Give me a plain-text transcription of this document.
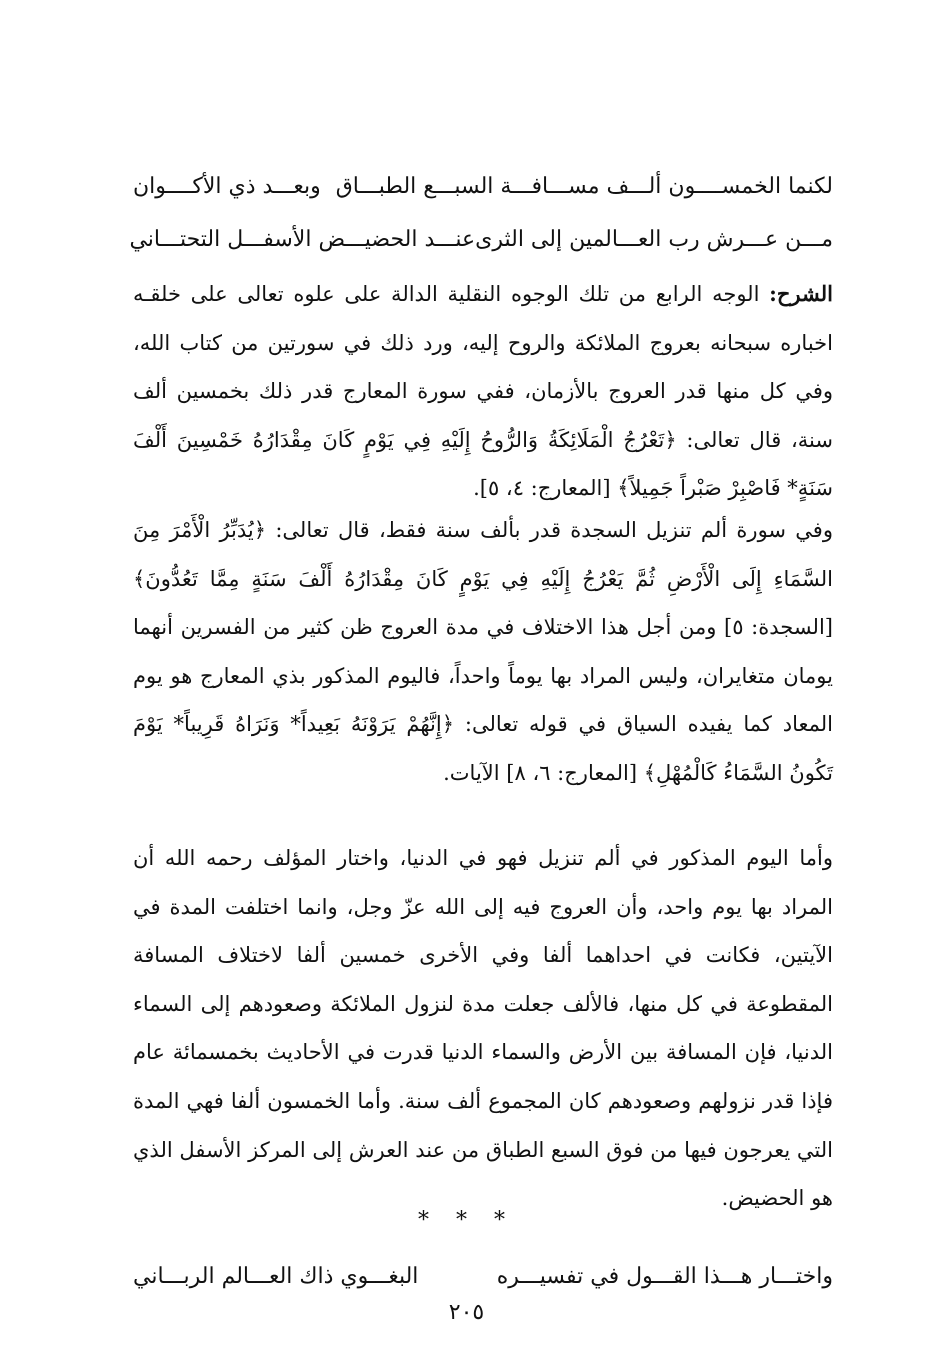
لكنما الخمســــون ألـــف مســـافـــة السبـــع الطبـــاق
وبعـــد ذي الأكــــوان
مـــن عـــرش رب العـــالمين إلى الثرى
عنـــد الحضيـــض الأسفـــل التحتـــاني
الشرح: الوجه الرابع من تلك الوجوه النقلية الدالة على علوه تعالى على خلقـه اخباره سبحانه بعروج الملائكة والروح إليه، ورد ذلك في سورتين من كتاب الله، وفي كل منها قدر العروج بالأزمان، ففي سورة المعارج قدر ذلك بخمسين ألف سنة، قال تعالى: ﴿تَعْرُجُ الْمَلَائِكَةُ وَالرُّوحُ إِلَيْهِ فِي يَوْمٍ كَانَ مِقْدَارُهُ خَمْسِينَ أَلْفَ سَنَةٍ* فَاصْبِرْ صَبْراً جَمِيلاً﴾ [المعارج: ٤، ٥].
وفي سورة ألم تنزيل السجدة قدر بألف سنة فقط، قال تعالى: ﴿يُدَبِّرُ الْأَمْرَ مِنَ السَّمَاءِ إِلَى الْأَرْضِ ثُمَّ يَعْرُجُ إِلَيْهِ فِي يَوْمٍ كَانَ مِقْدَارُهُ أَلْفَ سَنَةٍ مِمَّا تَعُدُّونَ﴾ [السجدة: ٥] ومن أجل هذا الاختلاف في مدة العروج ظن كثير من الفسرين أنهما يومان متغايران، وليس المراد بها يوماً واحداً، فاليوم المذكور بذي المعارج هو يوم المعاد كما يفيده السياق في قوله تعالى: ﴿إِنَّهُمْ يَرَوْنَهُ بَعِيداً* وَنَرَاهُ قَرِيباً* يَوْمَ تَكُونُ السَّمَاءُ كَالْمُهْلِ﴾ [المعارج: ٦، ٨] الآيات.
وأما اليوم المذكور في ألم تنزيل فهو في الدنيا، واختار المؤلف رحمه الله أن المراد بها يوم واحد، وأن العروج فيه إلى الله عزّ وجل، وانما اختلفت المدة في الآيتين، فكانت في احداهما ألفا وفي الأخرى خمسين ألفا لاختلاف المسافة المقطوعة في كل منها، فالألف جعلت مدة لنزول الملائكة وصعودهم إلى السماء الدنيا، فإن المسافة بين الأرض والسماء الدنيا قدرت في الأحاديث بخمسمائة عام فإذا قدر نزولهم وصعودهم كان المجموع ألف سنة. وأما الخمسون ألفا فهي المدة التي يعرجون فيها من فوق السبع الطباق من عند العرش إلى المركز الأسفل الذي هو الحضيض.
* * *
واختـــار هـــذا القـــول في تفسيـــره
البغـــوي ذاك العـــالم الربـــاني
٢٠٥
